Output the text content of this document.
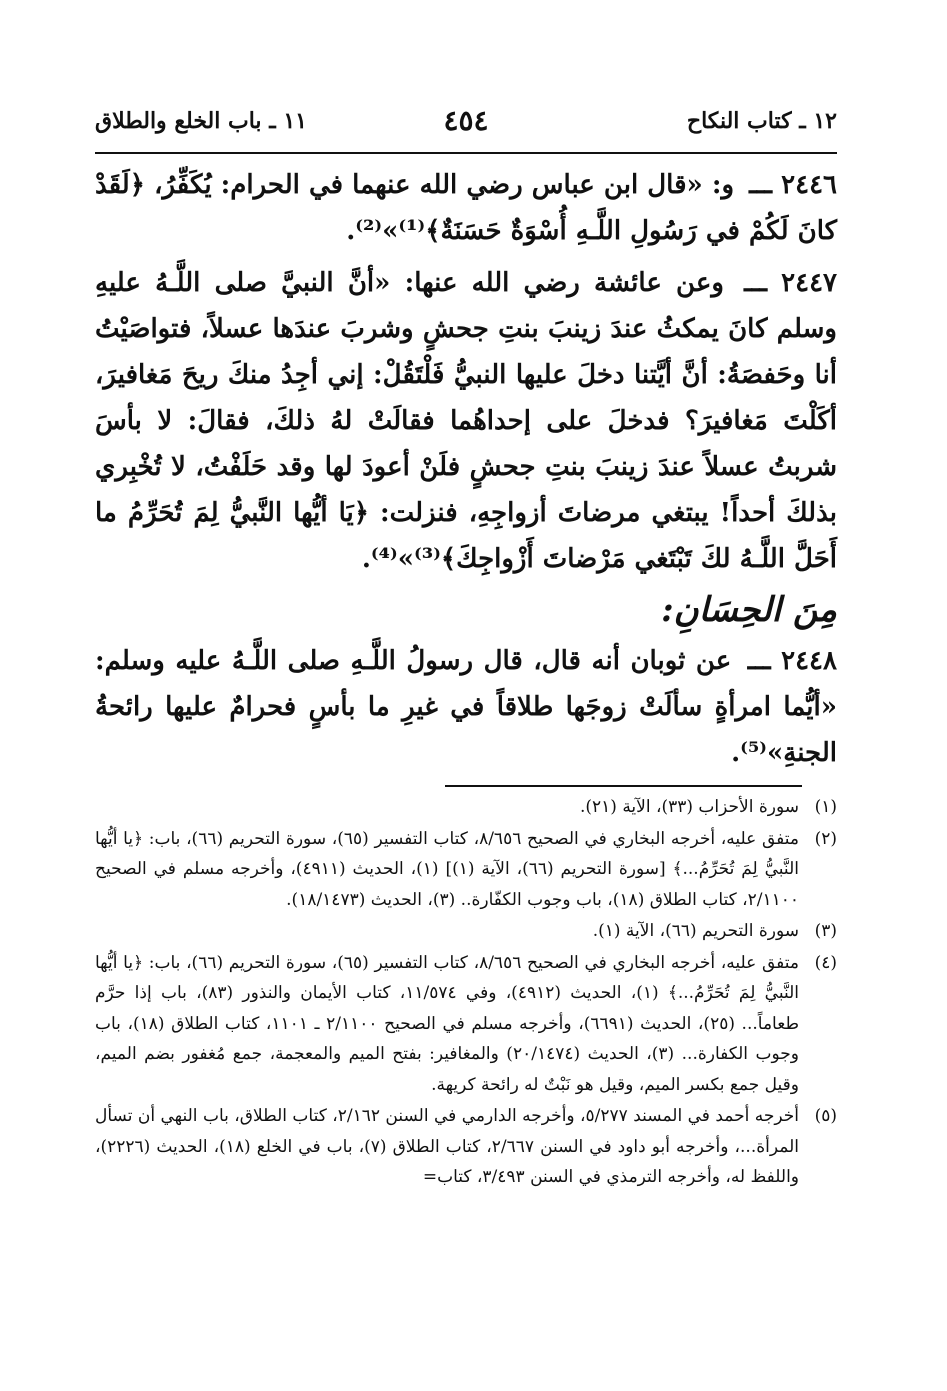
١٢ ـ كتاب النكاح
٤٥٤
١١ ـ باب الخلع والطلاق

٢٤٤٦ ـــ و: «قال ابن عباس رضي الله عنهما في الحرام: يُكَفِّرُ، ﴿لَقَدْ كانَ لَكُمْ في رَسُولِ اللَّـهِ أُسْوَةٌ حَسَنَةٌ﴾⁽¹⁾»⁽²⁾.

٢٤٤٧ ـــ وعن عائشة رضي الله عنها: «أنَّ النبيَّ صلى اللَّـهُ عليهِ وسلم كانَ يمكثُ عندَ زينبَ بنتِ جحشٍ وشربَ عندَها عسلاً، فتواصَيْتُ أنا وحَفصَةُ: أنَّ أيَّتنا دخلَ عليها النبيُّ فَلْتَقُلْ: إني أجِدُ منكَ ريحَ مَغافيرَ، أكَلْتَ مَغافيرَ؟ فدخلَ على إحداهُما فقالَتْ لهُ ذلكَ، فقالَ: لا بأسَ شربتُ عسلاً عندَ زينبَ بنتِ جحشٍ فلَنْ أعودَ لها وقد حَلَفْتُ، لا تُخْبِري بذلكَ أحداً! يبتغي مرضاتَ أزواجِهِ، فنزلت: ﴿يَا أيُّها النَّبيُّ لِمَ تُحَرِّمُ ما أَحَلَّ اللَّـهُ لكَ تَبْتَغي مَرْضاتَ أَزْواجِكَ﴾⁽³⁾»⁽⁴⁾.

مِنَ الحِسَانِ:

٢٤٤٨ ـــ عن ثوبان أنه قال، قال رسولُ اللَّـهِ صلى اللَّـهُ عليه وسلم: «أيُّما امرأةٍ سألَتْ زوجَها طلاقاً في غيرِ ما بأسٍ فحرامٌ عليها رائحةُ الجنةِ»⁽⁵⁾.

(١)
سورة الأحزاب (٣٣)، الآية (٢١).

(٢)
متفق عليه، أخرجه البخاري في الصحيح ٨/٦٥٦، كتاب التفسير (٦٥)، سورة التحريم (٦٦)، باب: ﴿يا أيُّها النَّبيُّ لِمَ تُحَرِّمُ...﴾ [سورة التحريم (٦٦)، الآية (١)] (١)، الحديث (٤٩١١)، وأخرجه مسلم في الصحيح ٢/١١٠٠، كتاب الطلاق (١٨)، باب وجوب الكفّارة.. (٣)، الحديث (١٨/١٤٧٣).

(٣)
سورة التحريم (٦٦)، الآية (١).

(٤)
متفق عليه، أخرجه البخاري في الصحيح ٨/٦٥٦، كتاب التفسير (٦٥)، سورة التحريم (٦٦)، باب: ﴿يا أيُّها النَّبيُّ لِمَ تُحَرِّمُ...﴾ (١)، الحديث (٤٩١٢)، وفي ١١/٥٧٤، كتاب الأيمان والنذور (٨٣)، باب إذا حرَّم طعاماً... (٢٥)، الحديث (٦٦٩١)، وأخرجه مسلم في الصحيح ٢/١١٠٠ ـ ١١٠١، كتاب الطلاق (١٨)، باب وجوب الكفارة... (٣)، الحديث (٢٠/١٤٧٤) والمغافير: بفتح الميم والمعجمة، جمع مُغفور بضم الميم، وقيل جمع بكسر الميم، وقيل هو نَبْتٌ له رائحة كريهة.

(٥)
أخرجه أحمد في المسند ٥/٢٧٧، وأخرجه الدارمي في السنن ٢/١٦٢، كتاب الطلاق، باب النهي أن تسأل المرأة...، وأخرجه أبو داود في السنن ٢/٦٦٧، كتاب الطلاق (٧)، باب في الخلع (١٨)، الحديث (٢٢٢٦)، واللفظ له، وأخرجه الترمذي في السنن ٣/٤٩٣، كتاب=
